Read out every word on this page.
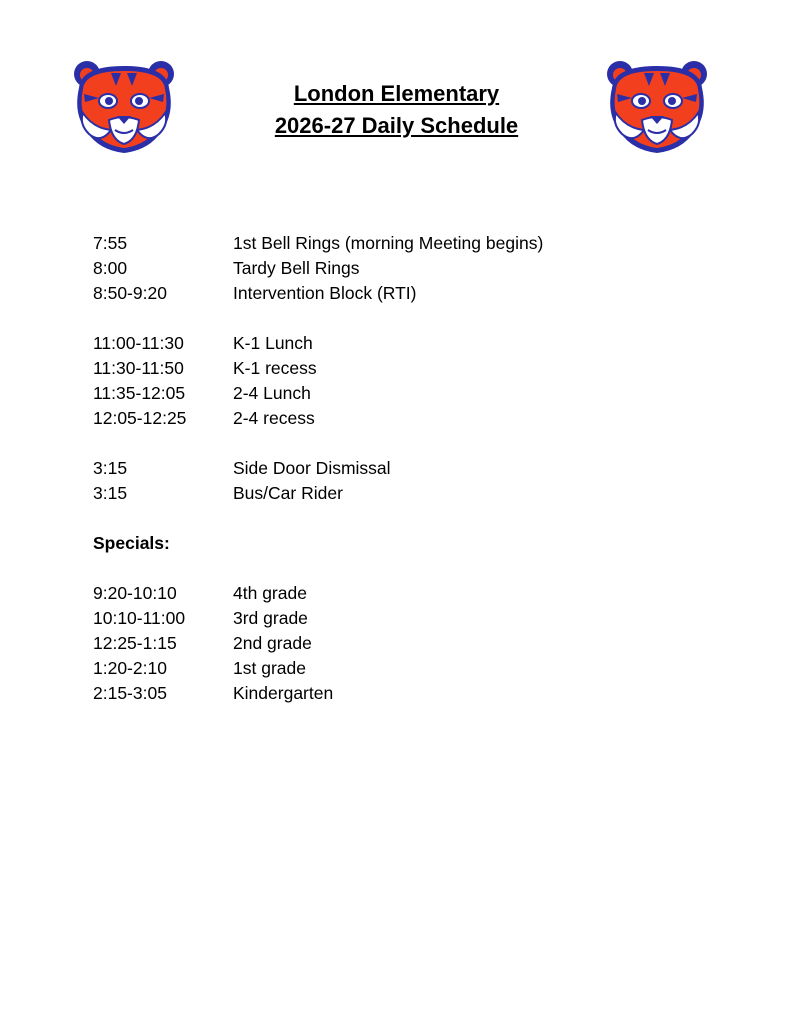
London Elementary

2026-27 Daily Schedule

7:55	1st Bell Rings (morning Meeting begins)
8:00	Tardy Bell Rings
8:50-9:20	Intervention Block (RTI)
11:00-11:30	K-1 Lunch
11:30-11:50	K-1 recess
11:35-12:05	2-4 Lunch
12:05-12:25	2-4 recess
3:15	Side Door Dismissal
3:15	Bus/Car Rider
Specials:
9:20-10:10	4th grade
10:10-11:00	3rd grade
12:25-1:15	2nd grade
1:20-2:10	1st grade
2:15-3:05	Kindergarten
